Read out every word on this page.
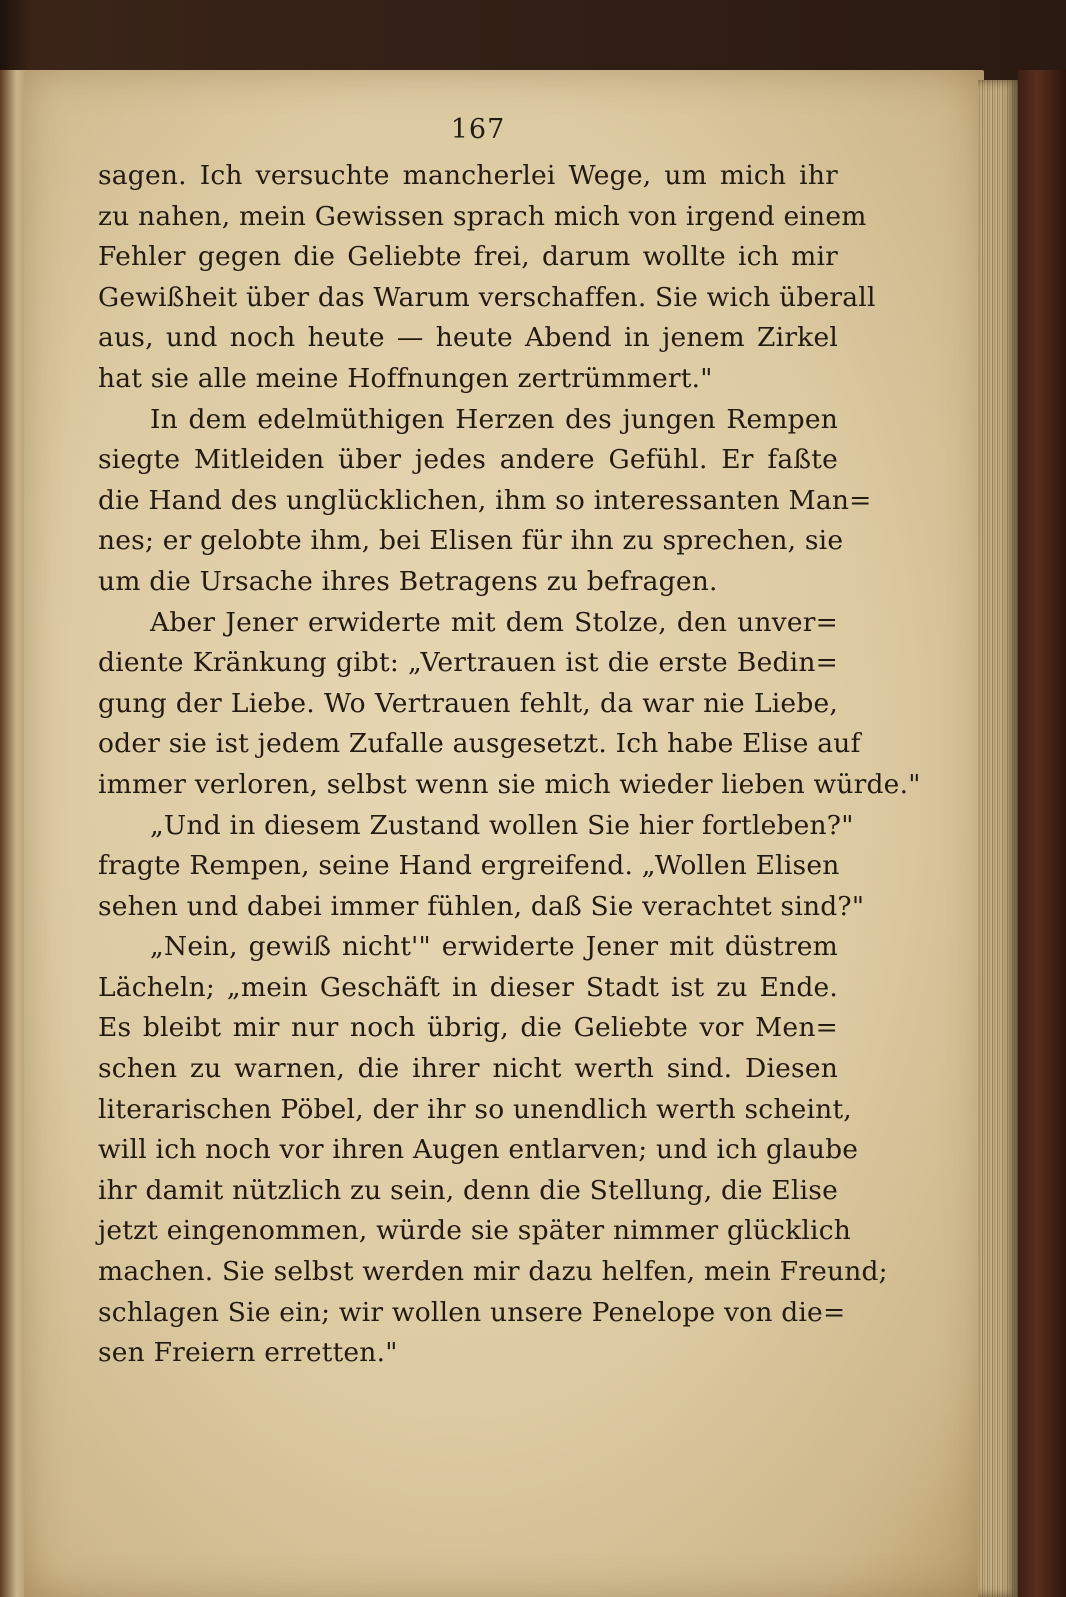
167
sagen. Ich versuchte mancherlei Wege, um mich ihr
zu nahen, mein Gewissen sprach mich von irgend einem
Fehler gegen die Geliebte frei, darum wollte ich mir
Gewißheit über das Warum verschaffen. Sie wich überall
aus, und noch heute — heute Abend in jenem Zirkel
hat sie alle meine Hoffnungen zertrümmert."
In dem edelmüthigen Herzen des jungen Rempen
siegte Mitleiden über jedes andere Gefühl. Er faßte
die Hand des unglücklichen, ihm so interessanten Man=
nes; er gelobte ihm, bei Elisen für ihn zu sprechen, sie
um die Ursache ihres Betragens zu befragen.
Aber Jener erwiderte mit dem Stolze, den unver=
diente Kränkung gibt: „Vertrauen ist die erste Bedin=
gung der Liebe. Wo Vertrauen fehlt, da war nie Liebe,
oder sie ist jedem Zufalle ausgesetzt. Ich habe Elise auf
immer verloren, selbst wenn sie mich wieder lieben würde."
„Und in diesem Zustand wollen Sie hier fortleben?"
fragte Rempen, seine Hand ergreifend. „Wollen Elisen
sehen und dabei immer fühlen, daß Sie verachtet sind?"
„Nein, gewiß nicht'" erwiderte Jener mit düstrem
Lächeln; „mein Geschäft in dieser Stadt ist zu Ende.
Es bleibt mir nur noch übrig, die Geliebte vor Men=
schen zu warnen, die ihrer nicht werth sind. Diesen
literarischen Pöbel, der ihr so unendlich werth scheint,
will ich noch vor ihren Augen entlarven; und ich glaube
ihr damit nützlich zu sein, denn die Stellung, die Elise
jetzt eingenommen, würde sie später nimmer glücklich
machen. Sie selbst werden mir dazu helfen, mein Freund;
schlagen Sie ein; wir wollen unsere Penelope von die=
sen Freiern erretten."
